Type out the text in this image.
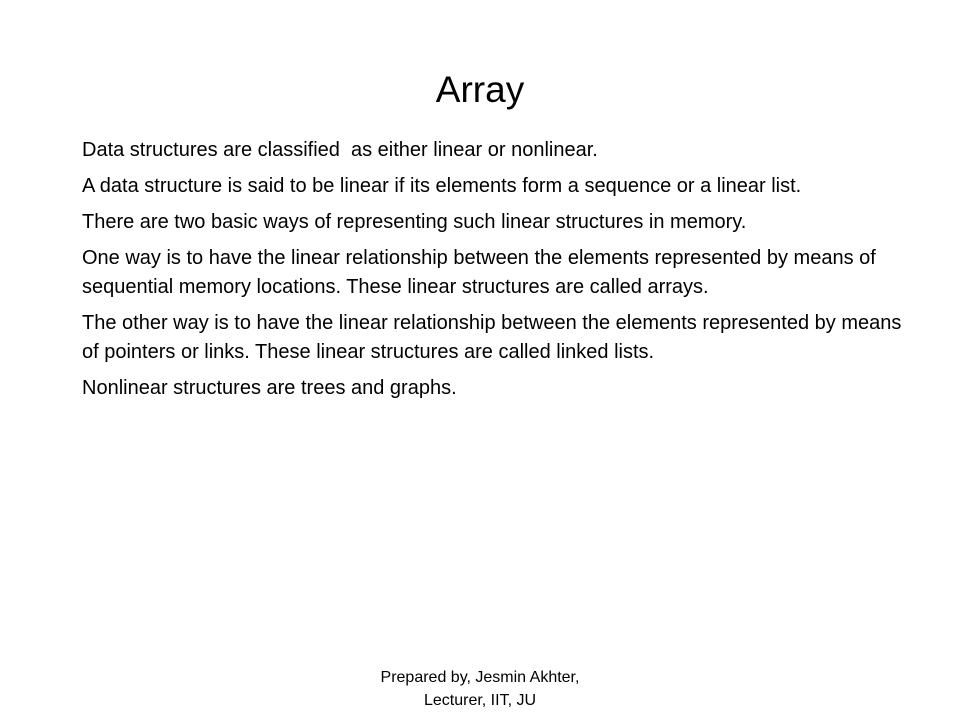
Array

Data structures are classified  as either linear or nonlinear.

A data structure is said to be linear if its elements form a sequence or a linear list.

There are two basic ways of representing such linear structures in memory.

One way is to have the linear relationship between the elements represented by means of sequential memory locations. These linear structures are called arrays.

The other way is to have the linear relationship between the elements represented by means of pointers or links. These linear structures are called linked lists.

Nonlinear structures are trees and graphs.

Prepared by, Jesmin Akhter,
Lecturer, IIT, JU
